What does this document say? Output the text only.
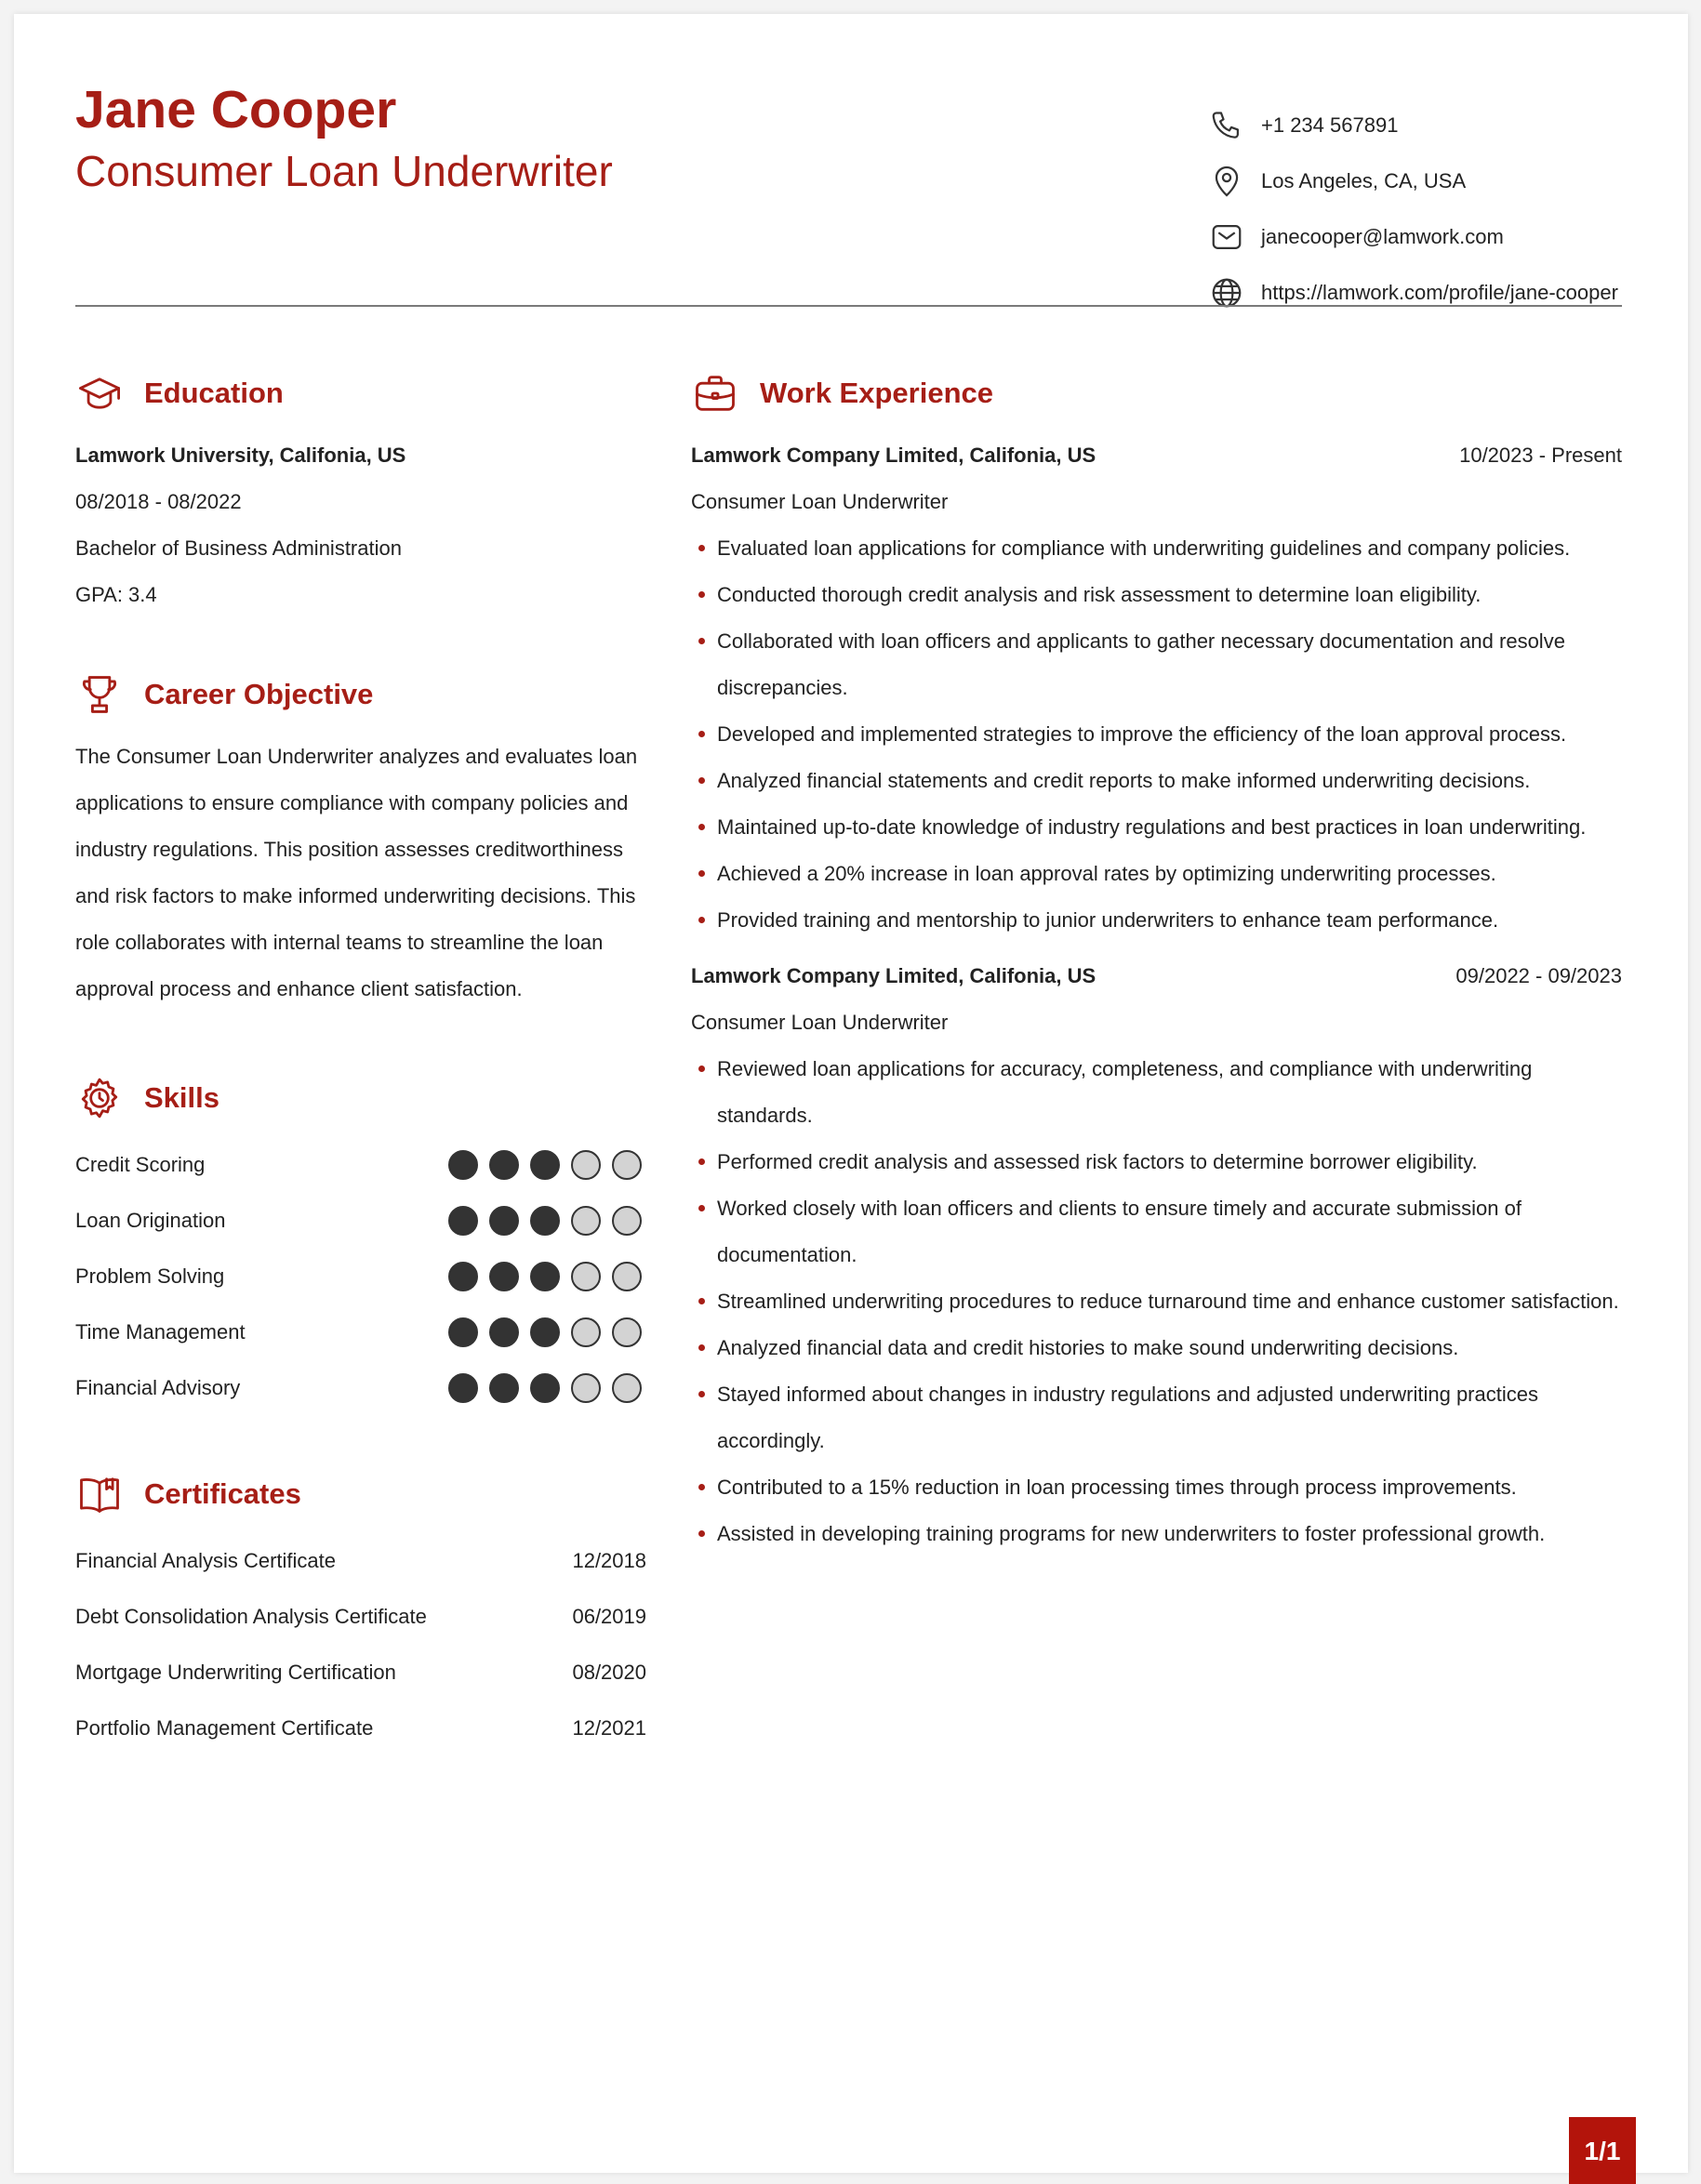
Jane Cooper
Consumer Loan Underwriter
+1 234 567891
Los Angeles, CA, USA
janecooper@lamwork.com
https://lamwork.com/profile/jane-cooper
Education
Lamwork University, Califonia, US
08/2018 - 08/2022
Bachelor of Business Administration
GPA: 3.4
Career Objective
The Consumer Loan Underwriter analyzes and evaluates loan applications to ensure compliance with company policies and industry regulations. This position assesses creditworthiness and risk factors to make informed underwriting decisions. This role collaborates with internal teams to streamline the loan approval process and enhance client satisfaction.
Skills
Credit Scoring
Loan Origination
Problem Solving
Time Management
Financial Advisory
Certificates
Financial Analysis Certificate	12/2018
Debt Consolidation Analysis Certificate	06/2019
Mortgage Underwriting Certification	08/2020
Portfolio Management Certificate	12/2021
Work Experience
Lamwork Company Limited, Califonia, US	10/2023 - Present
Consumer Loan Underwriter
Evaluated loan applications for compliance with underwriting guidelines and company policies.
Conducted thorough credit analysis and risk assessment to determine loan eligibility.
Collaborated with loan officers and applicants to gather necessary documentation and resolve discrepancies.
Developed and implemented strategies to improve the efficiency of the loan approval process.
Analyzed financial statements and credit reports to make informed underwriting decisions.
Maintained up-to-date knowledge of industry regulations and best practices in loan underwriting.
Achieved a 20% increase in loan approval rates by optimizing underwriting processes.
Provided training and mentorship to junior underwriters to enhance team performance.
Lamwork Company Limited, Califonia, US	09/2022 - 09/2023
Consumer Loan Underwriter
Reviewed loan applications for accuracy, completeness, and compliance with underwriting standards.
Performed credit analysis and assessed risk factors to determine borrower eligibility.
Worked closely with loan officers and clients to ensure timely and accurate submission of documentation.
Streamlined underwriting procedures to reduce turnaround time and enhance customer satisfaction.
Analyzed financial data and credit histories to make sound underwriting decisions.
Stayed informed about changes in industry regulations and adjusted underwriting practices accordingly.
Contributed to a 15% reduction in loan processing times through process improvements.
Assisted in developing training programs for new underwriters to foster professional growth.
1/1
